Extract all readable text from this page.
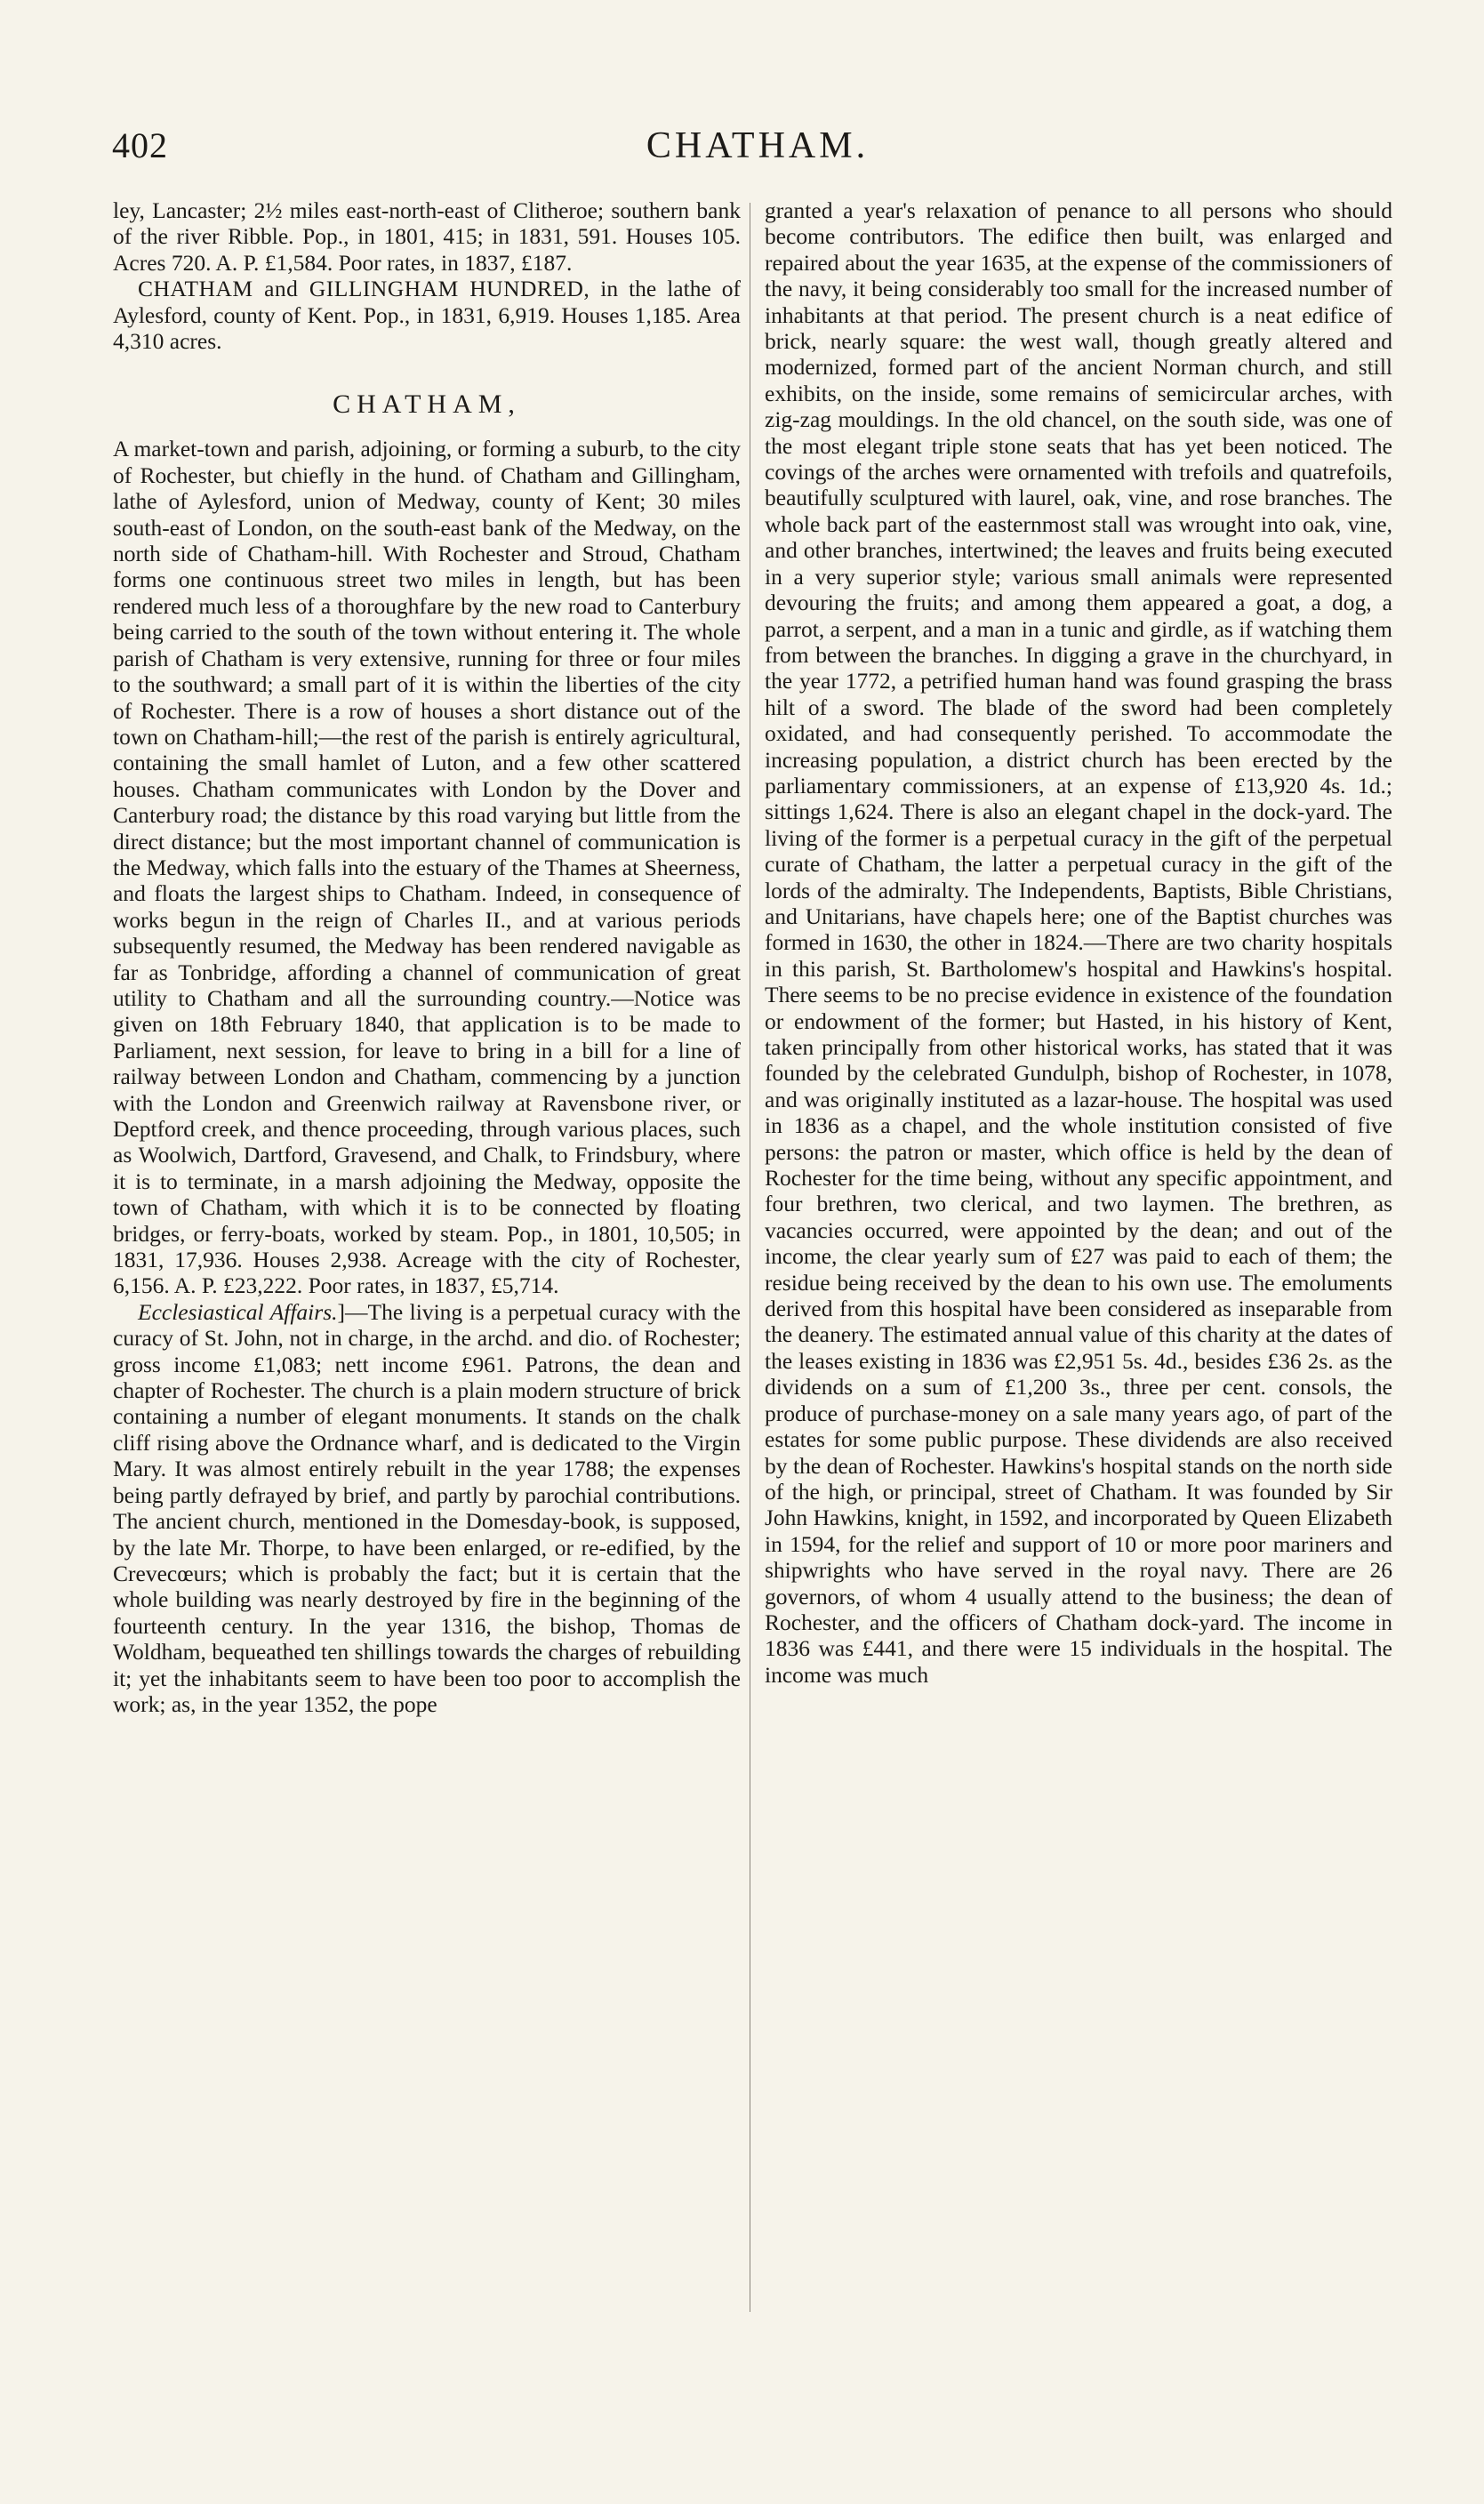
402	CHATHAM.

ley, Lancaster; 2½ miles east-north-east of Clitheroe; southern bank of the river Ribble. Pop., in 1801, 415; in 1831, 591. Houses 105. Acres 720. A. P. £1,584. Poor rates, in 1837, £187.

CHATHAM and GILLINGHAM HUNDRED, in the lathe of Aylesford, county of Kent. Pop., in 1831, 6,919. Houses 1,185. Area 4,310 acres.

CHATHAM,

A market-town and parish, adjoining, or forming a suburb, to the city of Rochester, but chiefly in the hund. of Chatham and Gillingham, lathe of Aylesford, union of Medway, county of Kent; 30 miles south-east of London, on the south-east bank of the Medway, on the north side of Chatham-hill. With Rochester and Stroud, Chatham forms one continuous street two miles in length, but has been rendered much less of a thoroughfare by the new road to Canterbury being carried to the south of the town without entering it. The whole parish of Chatham is very extensive, running for three or four miles to the southward; a small part of it is within the liberties of the city of Rochester. There is a row of houses a short distance out of the town on Chatham-hill;—the rest of the parish is entirely agricultural, containing the small hamlet of Luton, and a few other scattered houses. Chatham communicates with London by the Dover and Canterbury road; the distance by this road varying but little from the direct distance; but the most important channel of communication is the Medway, which falls into the estuary of the Thames at Sheerness, and floats the largest ships to Chatham. Indeed, in consequence of works begun in the reign of Charles II., and at various periods subsequently resumed, the Medway has been rendered navigable as far as Tonbridge, affording a channel of communication of great utility to Chatham and all the surrounding country.—Notice was given on 18th February 1840, that application is to be made to Parliament, next session, for leave to bring in a bill for a line of railway between London and Chatham, commencing by a junction with the London and Greenwich railway at Ravensbone river, or Deptford creek, and thence proceeding, through various places, such as Woolwich, Dartford, Gravesend, and Chalk, to Frindsbury, where it is to terminate, in a marsh adjoining the Medway, opposite the town of Chatham, with which it is to be connected by floating bridges, or ferry-boats, worked by steam. Pop., in 1801, 10,505; in 1831, 17,936. Houses 2,938. Acreage with the city of Rochester, 6,156. A. P. £23,222. Poor rates, in 1837, £5,714.

Ecclesiastical Affairs.]—The living is a perpetual curacy with the curacy of St. John, not in charge, in the archd. and dio. of Rochester; gross income £1,083; nett income £961. Patrons, the dean and chapter of Rochester. The church is a plain modern structure of brick containing a number of elegant monuments. It stands on the chalk cliff rising above the Ordnance wharf, and is dedicated to the Virgin Mary. It was almost entirely rebuilt in the year 1788; the expenses being partly defrayed by brief, and partly by parochial contributions. The ancient church, mentioned in the Domesday-book, is supposed, by the late Mr. Thorpe, to have been enlarged, or re-edified, by the Crevecœurs; which is probably the fact; but it is certain that the whole building was nearly destroyed by fire in the beginning of the fourteenth century. In the year 1316, the bishop, Thomas de Woldham, bequeathed ten shillings towards the charges of rebuilding it; yet the inhabitants seem to have been too poor to accomplish the work; as, in the year 1352, the pope

granted a year's relaxation of penance to all persons who should become contributors. The edifice then built, was enlarged and repaired about the year 1635, at the expense of the commissioners of the navy, it being considerably too small for the increased number of inhabitants at that period. The present church is a neat edifice of brick, nearly square: the west wall, though greatly altered and modernized, formed part of the ancient Norman church, and still exhibits, on the inside, some remains of semicircular arches, with zig-zag mouldings. In the old chancel, on the south side, was one of the most elegant triple stone seats that has yet been noticed. The covings of the arches were ornamented with trefoils and quatrefoils, beautifully sculptured with laurel, oak, vine, and rose branches. The whole back part of the easternmost stall was wrought into oak, vine, and other branches, intertwined; the leaves and fruits being executed in a very superior style; various small animals were represented devouring the fruits; and among them appeared a goat, a dog, a parrot, a serpent, and a man in a tunic and girdle, as if watching them from between the branches. In digging a grave in the churchyard, in the year 1772, a petrified human hand was found grasping the brass hilt of a sword. The blade of the sword had been completely oxidated, and had consequently perished. To accommodate the increasing population, a district church has been erected by the parliamentary commissioners, at an expense of £13,920 4s. 1d.; sittings 1,624. There is also an elegant chapel in the dock-yard. The living of the former is a perpetual curacy in the gift of the perpetual curate of Chatham, the latter a perpetual curacy in the gift of the lords of the admiralty. The Independents, Baptists, Bible Christians, and Unitarians, have chapels here; one of the Baptist churches was formed in 1630, the other in 1824.—There are two charity hospitals in this parish, St. Bartholomew's hospital and Hawkins's hospital. There seems to be no precise evidence in existence of the foundation or endowment of the former; but Hasted, in his history of Kent, taken principally from other historical works, has stated that it was founded by the celebrated Gundulph, bishop of Rochester, in 1078, and was originally instituted as a lazar-house. The hospital was used in 1836 as a chapel, and the whole institution consisted of five persons: the patron or master, which office is held by the dean of Rochester for the time being, without any specific appointment, and four brethren, two clerical, and two laymen. The brethren, as vacancies occurred, were appointed by the dean; and out of the income, the clear yearly sum of £27 was paid to each of them; the residue being received by the dean to his own use. The emoluments derived from this hospital have been considered as inseparable from the deanery. The estimated annual value of this charity at the dates of the leases existing in 1836 was £2,951 5s. 4d., besides £36 2s. as the dividends on a sum of £1,200 3s., three per cent. consols, the produce of purchase-money on a sale many years ago, of part of the estates for some public purpose. These dividends are also received by the dean of Rochester. Hawkins's hospital stands on the north side of the high, or principal, street of Chatham. It was founded by Sir John Hawkins, knight, in 1592, and incorporated by Queen Elizabeth in 1594, for the relief and support of 10 or more poor mariners and shipwrights who have served in the royal navy. There are 26 governors, of whom 4 usually attend to the business; the dean of Rochester, and the officers of Chatham dock-yard. The income in 1836 was £441, and there were 15 individuals in the hospital. The income was much
